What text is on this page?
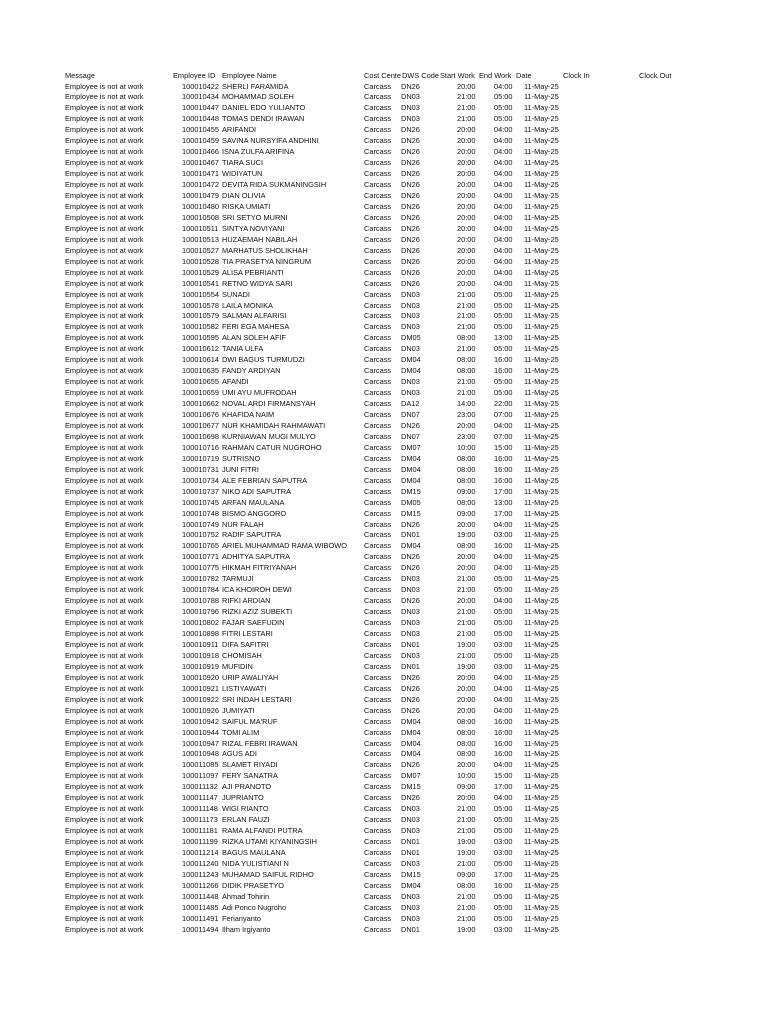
Message	Employee ID Employee Name	Cost Cente DWS Code Start Work End Work Date	Clock In	Clock Out
Employee is not at work	100010422 SHERLI FARAMIDA	Carcass DN26	20:00	04:00 11-May-25
Employee is not at work	100010434 MOHAMMAD SOLEH	Carcass DN03	21:00	05:00 11-May-25
Employee is not at work	100010447 DANIEL EDO YULIANTO	Carcass DN03	21:00	05:00 11-May-25
Employee is not at work	100010448 TOMAS DENDI IRAWAN	Carcass DN03	21:00	05:00 11-May-25
Employee is not at work	100010455 ARIFANDI	Carcass DN26	20:00	04:00 11-May-25
Employee is not at work	100010459 SAVINA NURSYIFA ANDHINI	Carcass DN26	20:00	04:00 11-May-25
Employee is not at work	100010466 ISNA ZULFA ARIFINA	Carcass DN26	20:00	04:00 11-May-25
Employee is not at work	100010467 TIARA SUCI	Carcass DN26	20:00	04:00 11-May-25
Employee is not at work	100010471 WIDIYATUN	Carcass DN26	20:00	04:00 11-May-25
Employee is not at work	100010472 DEVITA RIDA SUKMANINGSIH	Carcass DN26	20:00	04:00 11-May-25
Employee is not at work	100010479 DIAN OLIVIA	Carcass DN26	20:00	04:00 11-May-25
Employee is not at work	100010480 RISKA UMIATI	Carcass DN26	20:00	04:00 11-May-25
Employee is not at work	100010508 SRI SETYO MURNI	Carcass DN26	20:00	04:00 11-May-25
Employee is not at work	100010511 SINTYA NOVIYANI	Carcass DN26	20:00	04:00 11-May-25
Employee is not at work	100010513 HUZAEMAH NABILAH	Carcass DN26	20:00	04:00 11-May-25
Employee is not at work	100010527 MARHATUS SHOLIKHAH	Carcass DN26	20:00	04:00 11-May-25
Employee is not at work	100010528 TIA PRASETYA NINGRUM	Carcass DN26	20:00	04:00 11-May-25
Employee is not at work	100010529 ALISA PEBRIANTI	Carcass DN26	20:00	04:00 11-May-25
Employee is not at work	100010541 RETNO WIDYA SARI	Carcass DN26	20:00	04:00 11-May-25
Employee is not at work	100010554 SUNADI	Carcass DN03	21:00	05:00 11-May-25
Employee is not at work	100010578 LAILA MONIKA	Carcass DN03	21:00	05:00 11-May-25
Employee is not at work	100010579 SALMAN ALFARISI	Carcass DN03	21:00	05:00 11-May-25
Employee is not at work	100010582 FERI EGA MAHESA	Carcass DN03	21:00	05:00 11-May-25
Employee is not at work	100010595 ALAN SOLEH AFIF	Carcass DM05	08:00	13:00 11-May-25
Employee is not at work	100010612 TANIA ULFA	Carcass DN03	21:00	05:00 11-May-25
Employee is not at work	100010614 DWI BAGUS TURMUDZI	Carcass DM04	08:00	16:00 11-May-25
Employee is not at work	100010635 FANDY ARDIYAN	Carcass DM04	08:00	16:00 11-May-25
Employee is not at work	100010655 AFANDI	Carcass DN03	21:00	05:00 11-May-25
Employee is not at work	100010659 UMI AYU MUFRODAH	Carcass DN03	21:00	05:00 11-May-25
Employee is not at work	100010662 NOVAL ARDI FIRMANSYAH	Carcass DA12	14:00	22:00 11-May-25
Employee is not at work	100010676 KHAFIDA NAIM	Carcass DN07	23:00	07:00 11-May-25
Employee is not at work	100010677 NUR KHAMIDAH RAHMAWATI	Carcass DN26	20:00	04:00 11-May-25
Employee is not at work	100010698 KURNIAWAN MUGI MULYO	Carcass DN07	23:00	07:00 11-May-25
Employee is not at work	100010716 RAHMAN CATUR NUGROHO	Carcass DM07	10:00	15:00 11-May-25
Employee is not at work	100010719 SUTRISNO	Carcass DM04	08:00	16:00 11-May-25
Employee is not at work	100010731 JUNI FITRI	Carcass DM04	08:00	16:00 11-May-25
Employee is not at work	100010734 ALE FEBRIAN SAPUTRA	Carcass DM04	08:00	16:00 11-May-25
Employee is not at work	100010737 NIKO ADI SAPUTRA	Carcass DM15	09:00	17:00 11-May-25
Employee is not at work	100010745 ARFAN MAULANA	Carcass DM05	08:00	13:00 11-May-25
Employee is not at work	100010748 BISMO ANGGORO	Carcass DM15	09:00	17:00 11-May-25
Employee is not at work	100010749 NUR FALAH	Carcass DN26	20:00	04:00 11-May-25
Employee is not at work	100010752 RADIF SAPUTRA	Carcass DN01	19:00	03:00 11-May-25
Employee is not at work	100010765 ARIEL MUHAMMAD RAMA WIBOWO Carcass DM04	08:00	16:00 11-May-25
Employee is not at work	100010771 ADHITYA SAPUTRA	Carcass DN26	20:00	04:00 11-May-25
Employee is not at work	100010775 HIKMAH FITRIYANAH	Carcass DN26	20:00	04:00 11-May-25
Employee is not at work	100010782 TARMUJI	Carcass DN03	21:00	05:00 11-May-25
Employee is not at work	100010784 ICA KHOIROH DEWI	Carcass DN03	21:00	05:00 11-May-25
Employee is not at work	100010788 RIFKI ARDIAN	Carcass DN26	20:00	04:00 11-May-25
Employee is not at work	100010796 RIZKI AZIZ SUBEKTI	Carcass DN03	21:00	05:00 11-May-25
Employee is not at work	100010802 FAJAR SAEFUDIN	Carcass DN03	21:00	05:00 11-May-25
Employee is not at work	100010898 FITRI LESTARI	Carcass DN03	21:00	05:00 11-May-25
Employee is not at work	100010911 DIFA SAFITRI	Carcass DN01	19:00	03:00 11-May-25
Employee is not at work	100010918 CHOMISAH	Carcass DN03	21:00	05:00 11-May-25
Employee is not at work	100010919 MUFIDIN	Carcass DN01	19:00	03:00 11-May-25
Employee is not at work	100010920 URIP AWALIYAH	Carcass DN26	20:00	04:00 11-May-25
Employee is not at work	100010921 LISTIYAWATI	Carcass DN26	20:00	04:00 11-May-25
Employee is not at work	100010922 SRI INDAH LESTARI	Carcass DN26	20:00	04:00 11-May-25
Employee is not at work	100010926 JUMIYATI	Carcass DN26	20:00	04:00 11-May-25
Employee is not at work	100010942 SAIFUL MA'RUF	Carcass DM04	08:00	16:00 11-May-25
Employee is not at work	100010944 TOMI ALIM	Carcass DM04	08:00	16:00 11-May-25
Employee is not at work	100010947 RIZAL FEBRI IRAWAN	Carcass DM04	08:00	16:00 11-May-25
Employee is not at work	100010948 AGUS ADI	Carcass DM04	08:00	16:00 11-May-25
Employee is not at work	100011085 SLAMET RIYADI	Carcass DN26	20:00	04:00 11-May-25
Employee is not at work	100011097 FERY SANATRA	Carcass DM07	10:00	15:00 11-May-25
Employee is not at work	100011132 AJI PRANOTO	Carcass DM15	09:00	17:00 11-May-25
Employee is not at work	100011147 JUPRIANTO	Carcass DN26	20:00	04:00 11-May-25
Employee is not at work	100011148 WIGI RIANTO	Carcass DN03	21:00	05:00 11-May-25
Employee is not at work	100011173 ERLAN FAUZI	Carcass DN03	21:00	05:00 11-May-25
Employee is not at work	100011181 RAMA ALFANDI PUTRA	Carcass DN03	21:00	05:00 11-May-25
Employee is not at work	100011199 RIZKA UTAMI KIYANINGSIH	Carcass DN01	19:00	03:00 11-May-25
Employee is not at work	100011214 BAGUS MAULANA	Carcass DN01	19:00	03:00 11-May-25
Employee is not at work	100011240 NIDA YULISTIANI N	Carcass DN03	21:00	05:00 11-May-25
Employee is not at work	100011243 MUHAMAD SAIFUL RIDHO	Carcass DM15	09:00	17:00 11-May-25
Employee is not at work	100011266 DIDIK PRASETYO	Carcass DM04	08:00	16:00 11-May-25
Employee is not at work	100011448 Ahmad Tohirin	Carcass DN03	21:00	05:00 11-May-25
Employee is not at work	100011485 Adi Ponco Nugroho	Carcass DN03	21:00	05:00 11-May-25
Employee is not at work	100011491 Feriariyanto	Carcass DN03	21:00	05:00 11-May-25
Employee is not at work	100011494 Ilham Irgiyanto	Carcass DN01	19:00	03:00 11-May-25
